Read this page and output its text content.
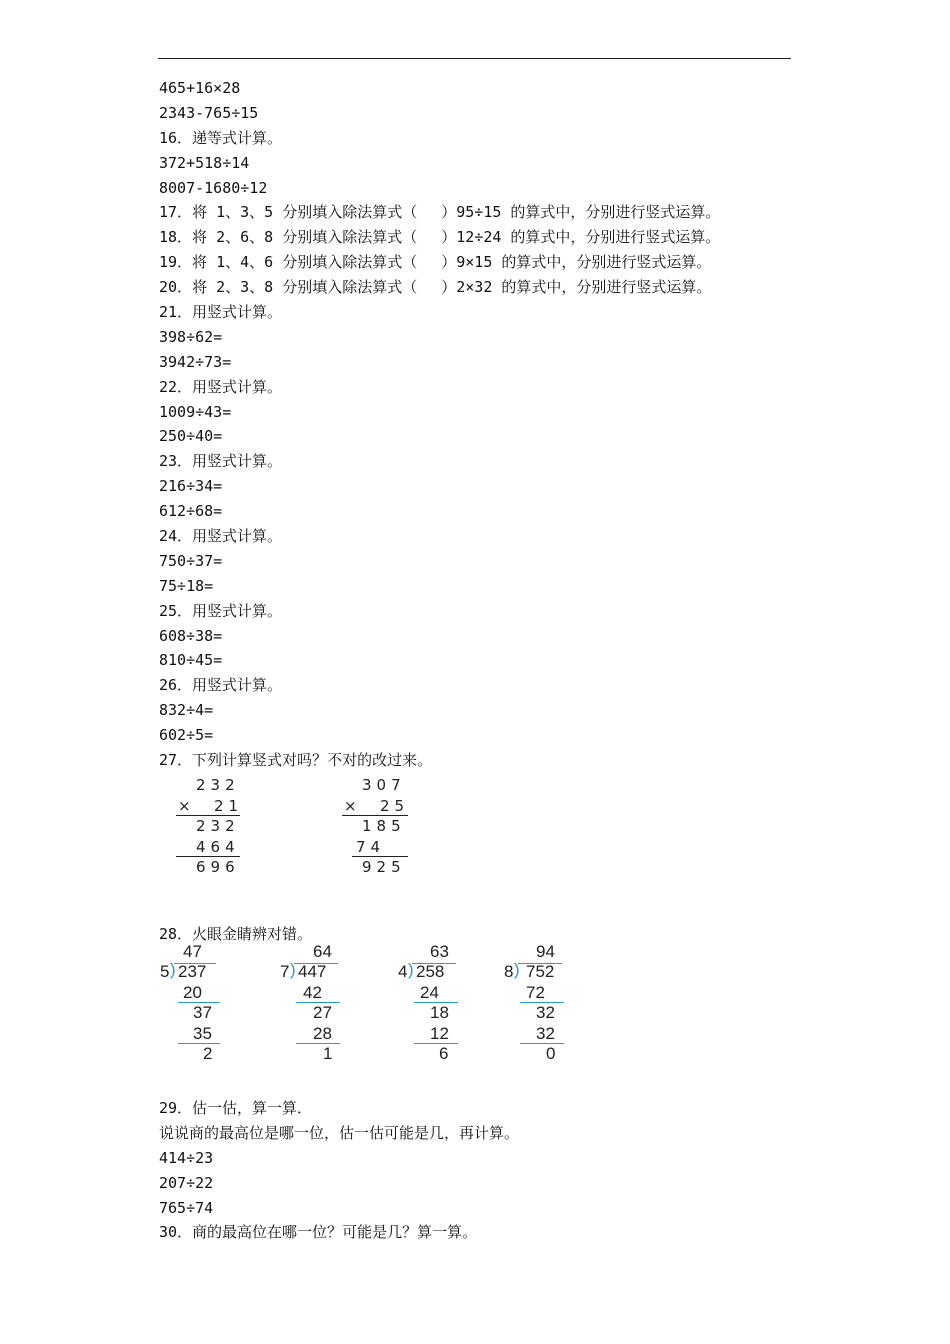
465+16×28
2343-765÷15
16．递等式计算。
372+518÷14
8007-1680÷12
17．将 1、3、5 分别填入除法算式（　 ）95÷15 的算式中，分别进行竖式运算。
18．将 2、6、8 分别填入除法算式（　 ）12÷24 的算式中，分别进行竖式运算。
19．将 1、4、6 分别填入除法算式（　 ）9×15 的算式中，分别进行竖式运算。
20．将 2、3、8 分别填入除法算式（　 ）2×32 的算式中，分别进行竖式运算。
21．用竖式计算。
398÷62=
3942÷73=
22．用竖式计算。
1009÷43=
250÷40=
23．用竖式计算。
216÷34=
612÷68=
24．用竖式计算。
750÷37=
75÷18=
25．用竖式计算。
608÷38=
810÷45=
26．用竖式计算。
832÷4=
602÷5=
27．下列计算竖式对吗？不对的改过来。
232
× 21
232
464
696
307
× 25
185
74
925
28．火眼金睛辨对错。
47
5 ) 237
20
37
35
2
64
7 ) 447
42
27
28
1
63
4 ) 258
24
18
12
6
94
8 ) 752
72
32
32
0
29．估一估，算一算．
说说商的最高位是哪一位，估一估可能是几，再计算。
414÷23
207÷22
765÷74
30．商的最高位在哪一位？可能是几？算一算。
